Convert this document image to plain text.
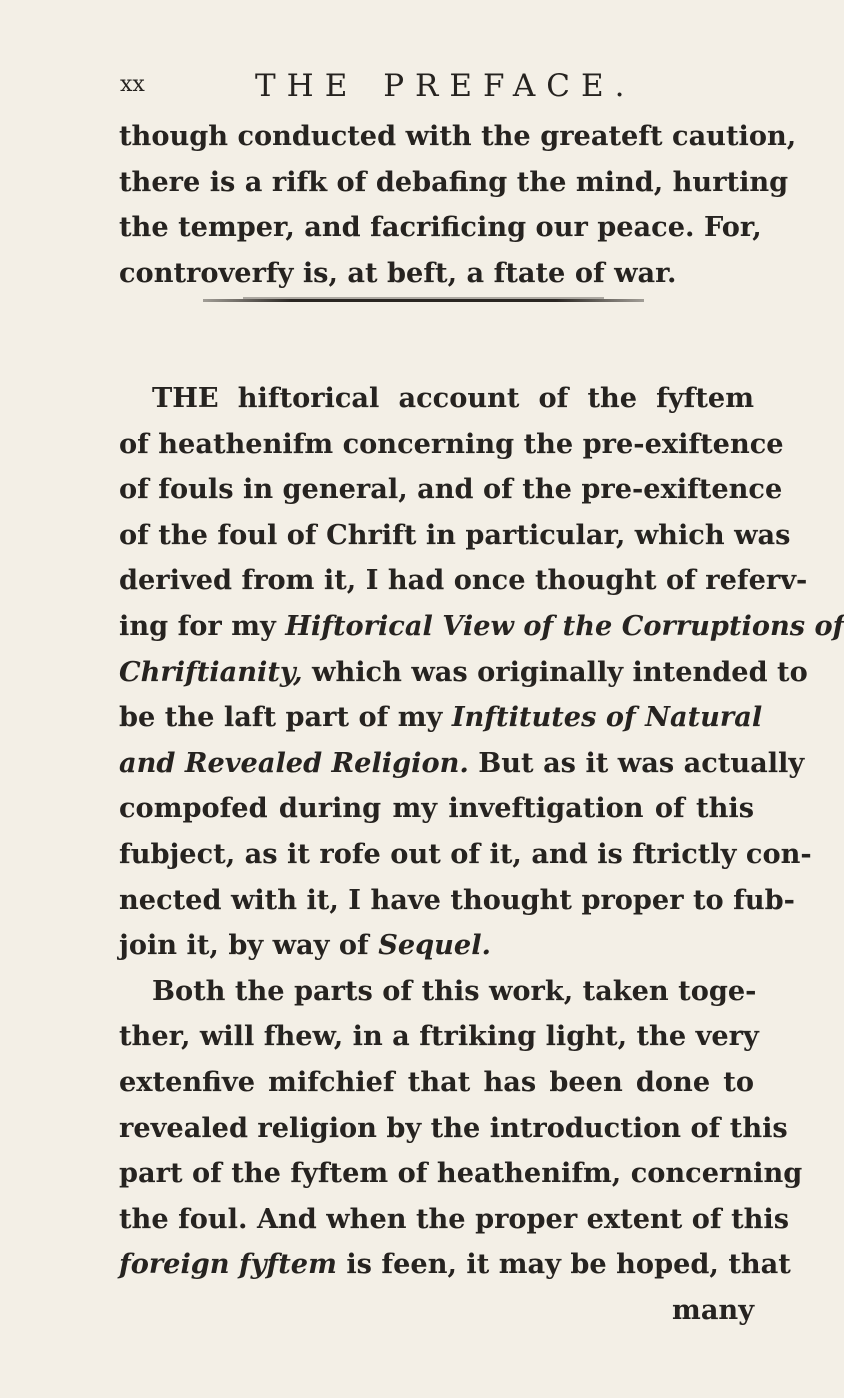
xx	THE PREFACE.
though conducted with the greateft caution,
there is a rifk of debafing the mind, hurting
the temper, and facrificing our peace. For,
controverfy is, at beft, a ftate of war.
THE hiftorical account of the fyftem
of heathenifm concerning the pre-exiftence
of fouls in general, and of the pre-exiftence
of the foul of Chrift in particular, which was
derived from it, I had once thought of referv-
ing for my Hiftorical View of the Corruptions of
Chriftianity, which was originally intended to
be the laft part of my Inftitutes of Natural
and Revealed Religion. But as it was actually
compofed during my inveftigation of this
fubject, as it rofe out of it, and is ftrictly con-
nected with it, I have thought proper to fub-
join it, by way of Sequel.
Both the parts of this work, taken toge-
ther, will fhew, in a ftriking light, the very
extenfive mifchief that has been done to
revealed religion by the introduction of this
part of the fyftem of heathenifm, concerning
the foul. And when the proper extent of this
foreign fyftem is feen, it may be hoped, that
many
